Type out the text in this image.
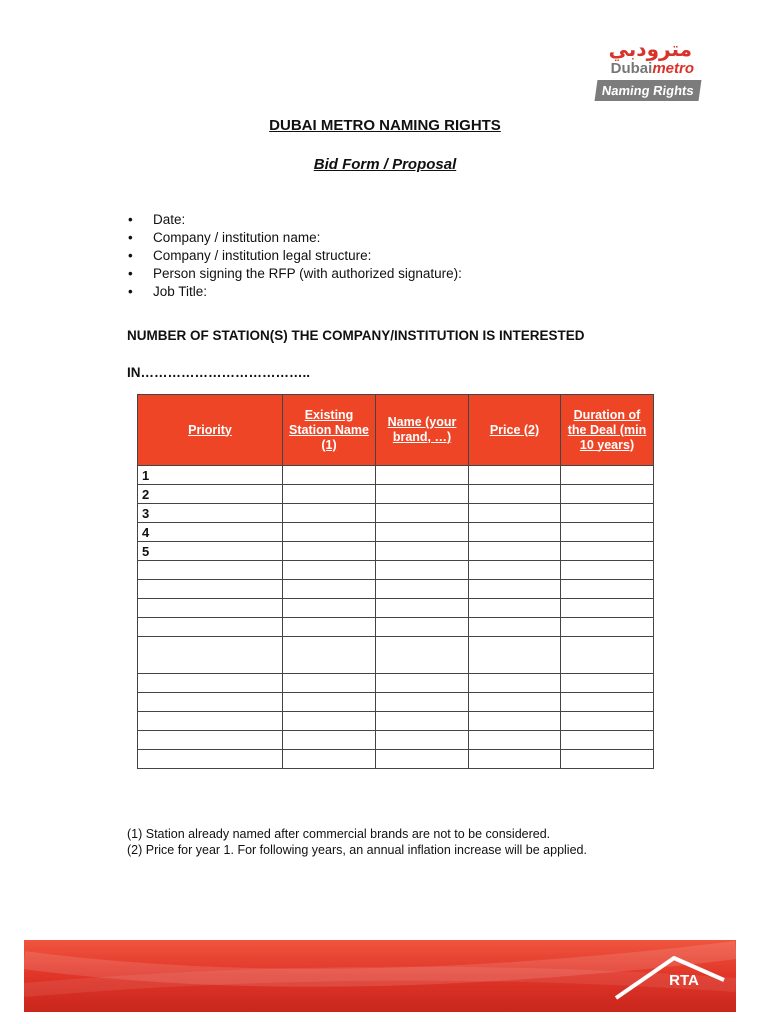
مترودبي
Dubaimetro
Naming Rights
DUBAI METRO NAMING RIGHTS
Bid Form / Proposal
• Date:
• Company / institution name:
• Company / institution legal structure:
• Person signing the RFP (with authorized signature):
• Job Title:
NUMBER OF STATION(S) THE COMPANY/INSTITUTION IS INTERESTED
IN………………………………..
Priority	Existing Station Name (1)	Name (your brand, …)	Price (2)	Duration of the Deal (min 10 years)
1				
2				
3				
4				
5				

(1) Station already named after commercial brands are not to be considered.
(2) Price for year 1. For following years, an annual inflation increase will be applied.
RTA
